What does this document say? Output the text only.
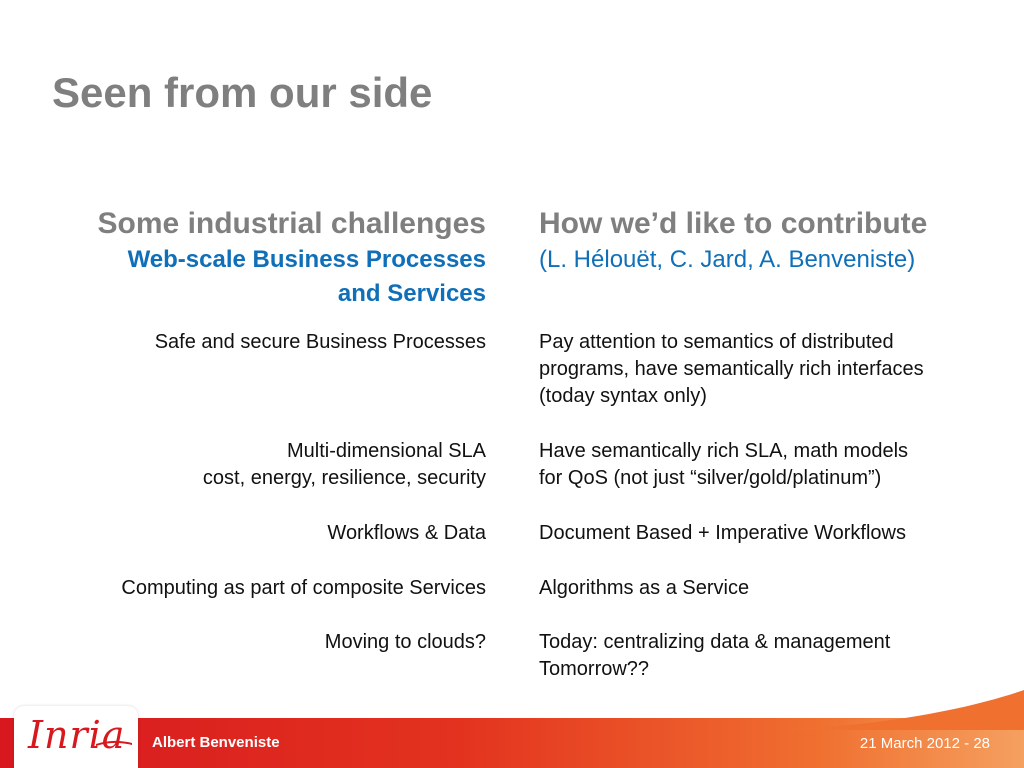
Seen from our side
Some industrial challenges
Web-scale Business Processes
and Services
How we’d like to contribute
(L. Hélouët, C. Jard, A. Benveniste)
Safe and secure Business Processes
Multi-dimensional SLA
cost, energy, resilience, security
Workflows & Data
Computing as part of composite Services
Moving to clouds?
Pay attention to semantics of distributed
programs, have semantically rich interfaces
(today syntax only)
Have semantically rich SLA, math models
for QoS (not just “silver/gold/platinum”)
Document Based + Imperative Workflows
Algorithms as a Service
Today: centralizing data & management
Tomorrow??
Inria Albert Benveniste	21 March 2012 - 28
